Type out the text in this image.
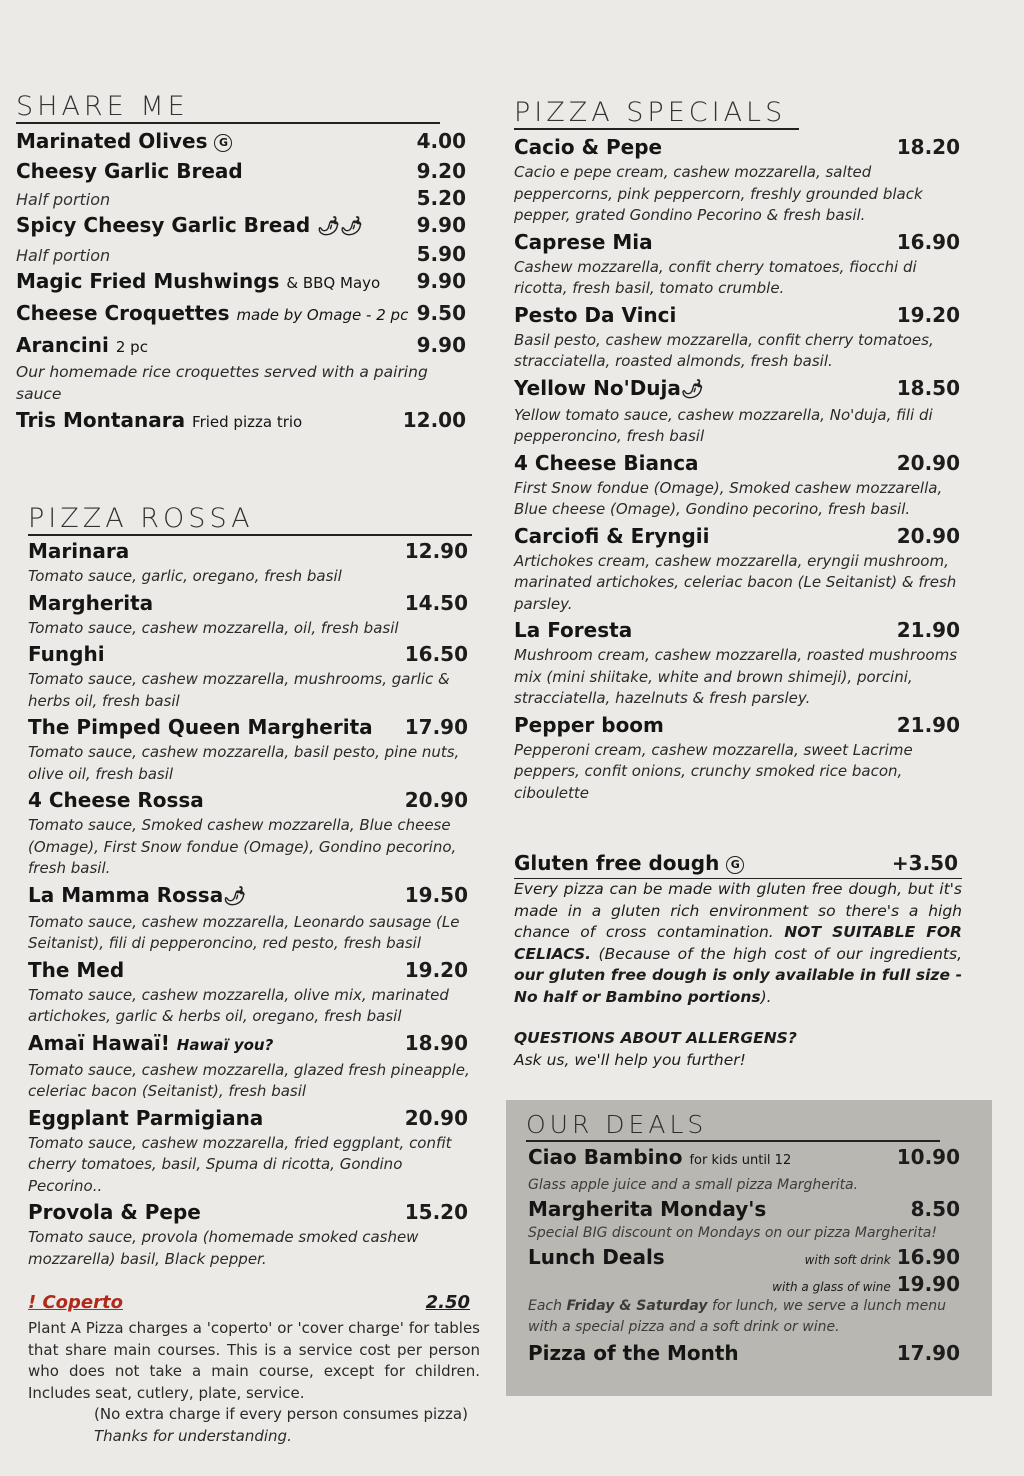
SHARE ME
Marinated Olives G	4.00
Cheesy Garlic Bread	9.20
Half portion	5.20
Spicy Cheesy Garlic Bread 🌶🌶	9.90
Half portion	5.90
Magic Fried Mushwings & BBQ Mayo 9.90
Cheese Croquettes made by Omage - 2 pc 9.50
Arancini 2 pc	9.90
Our homemade rice croquettes served with a pairing sauce
Tris Montanara Fried pizza trio	12.00
PIZZA ROSSA
Marinara	12.90
Tomato sauce, garlic, oregano, fresh basil
Margherita	14.50
Tomato sauce, cashew mozzarella, oil, fresh basil
Funghi	16.50
Tomato sauce, cashew mozzarella, mushrooms, garlic & herbs oil, fresh basil
The Pimped Queen Margherita 17.90
Tomato sauce, cashew mozzarella, basil pesto, pine nuts, olive oil, fresh basil
4 Cheese Rossa	20.90
Tomato sauce, Smoked cashew mozzarella, Blue cheese (Omage), First Snow fondue (Omage), Gondino pecorino, fresh basil.
La Mamma Rossa🌶	19.50
Tomato sauce, cashew mozzarella, Leonardo sausage (Le Seitanist), fili di pepperoncino, red pesto, fresh basil
The Med	19.20
Tomato sauce, cashew mozzarella, olive mix, marinated artichokes, garlic & herbs oil, oregano, fresh basil
Amaï Hawaï! Hawaï you?	18.90
Tomato sauce, cashew mozzarella, glazed fresh pineapple, celeriac bacon (Seitanist), fresh basil
Eggplant Parmigiana	20.90
Tomato sauce, cashew mozzarella, fried eggplant, confit cherry tomatoes, basil, Spuma di ricotta, Gondino Pecorino..
Provola & Pepe	15.20
Tomato sauce, provola (homemade smoked cashew mozzarella) basil, Black pepper.
! Coperto	2.50
Plant A Pizza charges a 'coperto' or 'cover charge' for tables that share main courses. This is a service cost per person who does not take a main course, except for children. Includes seat, cutlery, plate, service.
(No extra charge if every person consumes pizza)
Thanks for understanding.
PIZZA SPECIALS
Cacio & Pepe	18.20
Cacio e pepe cream, cashew mozzarella, salted peppercorns, pink peppercorn, freshly grounded black pepper, grated Gondino Pecorino & fresh basil.
Caprese Mia	16.90
Cashew mozzarella, confit cherry tomatoes, fiocchi di ricotta, fresh basil, tomato crumble.
Pesto Da Vinci	19.20
Basil pesto, cashew mozzarella, confit cherry tomatoes, stracciatella, roasted almonds, fresh basil.
Yellow No'Duja🌶	18.50
Yellow tomato sauce, cashew mozzarella, No'duja, fili di pepperoncino, fresh basil
4 Cheese Bianca	20.90
First Snow fondue (Omage), Smoked cashew mozzarella, Blue cheese (Omage), Gondino pecorino, fresh basil.
Carciofi & Eryngii	20.90
Artichokes cream, cashew mozzarella, eryngii mushroom, marinated artichokes, celeriac bacon (Le Seitanist) & fresh parsley.
La Foresta	21.90
Mushroom cream, cashew mozzarella, roasted mushrooms mix (mini shiitake, white and brown shimeji), porcini, stracciatella, hazelnuts & fresh parsley.
Pepper boom	21.90
Pepperoni cream, cashew mozzarella, sweet Lacrime peppers, confit onions, crunchy smoked rice bacon, ciboulette
Gluten free dough G	+3.50
Every pizza can be made with gluten free dough, but it's made in a gluten rich environment so there's a high chance of cross contamination. NOT SUITABLE FOR CELIACS. (Because of the high cost of our ingredients, our gluten free dough is only available in full size - No half or Bambino portions).
QUESTIONS ABOUT ALLERGENS?
Ask us, we'll help you further!
OUR DEALS
Ciao Bambino for kids until 12	10.90
Glass apple juice and a small pizza Margherita.
Margherita Monday's	8.50
Special BIG discount on Mondays on our pizza Margherita!
Lunch Deals	with soft drink 16.90
with a glass of wine 19.90
Each Friday & Saturday for lunch, we serve a lunch menu with a special pizza and a soft drink or wine.
Pizza of the Month	17.90
